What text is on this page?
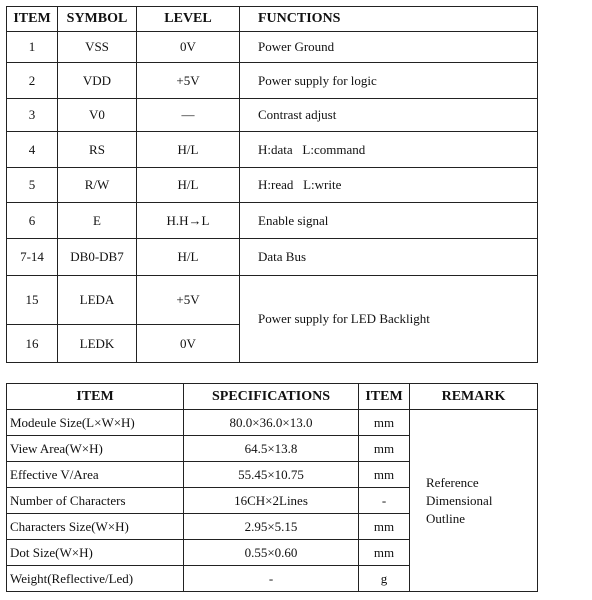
ITEM	SYMBOL	LEVEL	FUNCTIONS
1	VSS	0V	Power Ground
2	VDD	+5V	Power supply for logic
3	V0	—	Contrast adjust
4	RS	H/L	H:data   L:command
5	R/W	H/L	H:read   L:write
6	E	H.H→L	Enable signal
7-14	DB0-DB7	H/L	Data Bus
15	LEDA	+5V	Power supply for LED Backlight
16	LEDK	0V	
ITEM	SPECIFICATIONS	ITEM	REMARK
Modeule Size(L×W×H)	80.0×36.0×13.0	mm	Reference
Dimensional
Outline

View Area(W×H)	64.5×13.8	mm	
Effective V/Area	55.45×10.75	mm	
Number of Characters	16CH×2Lines	-	
Characters Size(W×H)	2.95×5.15	mm	
Dot Size(W×H)	0.55×0.60	mm	
Weight(Reflective/Led)	-	g	
